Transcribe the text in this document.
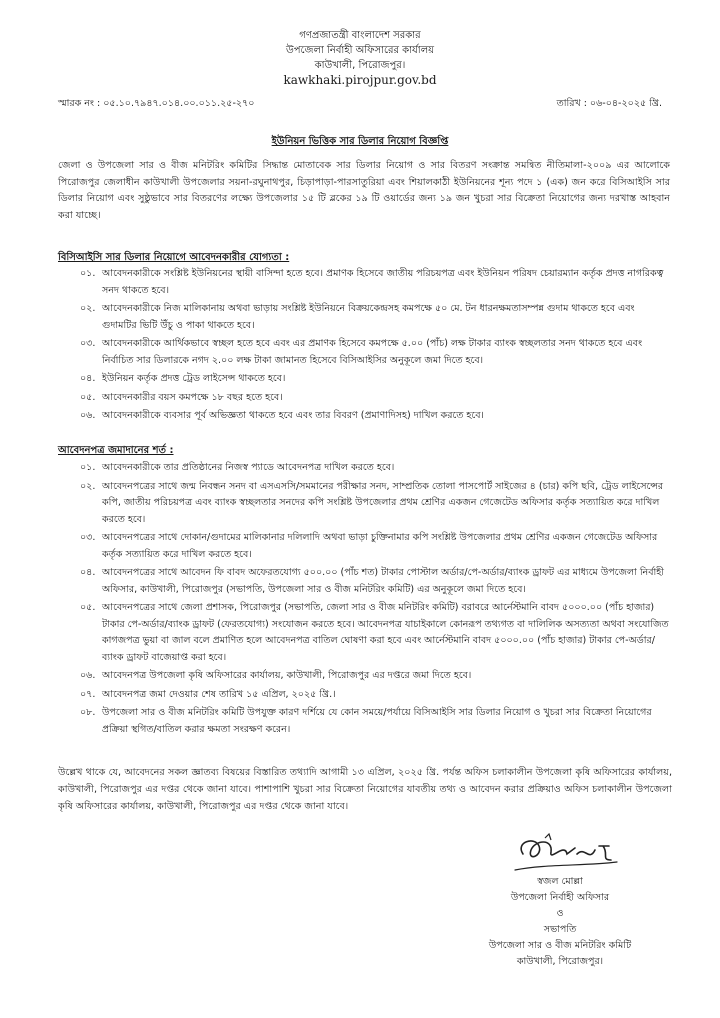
গণপ্রজাতন্ত্রী বাংলাদেশ সরকার
উপজেলা নির্বাহী অফিসারের কার্যালয়
কাউখালী, পিরোজপুর।
kawkhaki.pirojpur.gov.bd
স্মারক নং : ০৫.১০.৭৯৪৭.০১৪.০০.০১১.২৫-২৭০	তারিখ : ০৬-০৪-২০২৫ খ্রি.
ইউনিয়ন ভিত্তিক সার ডিলার নিয়োগ বিজ্ঞপ্তি
জেলা ও উপজেলা সার ও বীজ মনিটরিং কমিটির সিদ্ধান্ত মোতাবেক সার ডিলার নিয়োগ ও সার বিতরণ সংক্রান্ত সমন্বিত নীতিমালা-২০০৯ এর আলোকে পিরোজপুর জেলাধীন কাউখালী উপজেলার সয়না-রঘুনাথপুর, চিড়াপাড়া-পারসাতুরিয়া এবং শিয়ালকাঠী ইউনিয়নের শূন্য পদে ১ (এক) জন করে বিসিআইসি সার ডিলার নিয়োগ এবং সুষ্ঠুভাবে সার বিতরণের লক্ষ্যে উপজেলার ১৫ টি ব্লকের ১৯ টি ওয়ার্ডের জন্য ১৯ জন খুচরা সার বিক্রেতা নিয়োগের জন্য দরখাস্ত আহবান করা যাচ্ছে।
বিসিআইসি সার ডিলার নিয়োগে আবেদনকারীর যোগ্যতা :
০১. আবেদনকারীকে সংশ্লিষ্ট ইউনিয়নের স্থায়ী বাসিন্দা হতে হবে। প্রমাণক হিসেবে জাতীয় পরিচয়পত্র এবং ইউনিয়ন পরিষদ চেয়ারম্যান কর্তৃক প্রদত্ত নাগরিকত্ব সনদ থাকতে হবে।
০২. আবেদনকারীকে নিজ মালিকানায় অথবা ভাড়ায় সংশ্লিষ্ট ইউনিয়নে বিক্রয়কেন্দ্রসহ কমপক্ষে ৫০ মে. টন ধারনক্ষমতাসম্পন্ন গুদাম থাকতে হবে এবং গুদামটির ভিটি উঁচু ও পাকা থাকতে হবে।
০৩. আবেদনকারীকে আর্থিকভাবে স্বচ্ছল হতে হবে এবং এর প্রমাণক হিসেবে কমপক্ষে ৫.০০ (পাঁচ) লক্ষ টাকার ব্যাংক স্বচ্ছলতার সনদ থাকতে হবে এবং নির্বাচিত সার ডিলারকে নগদ ২.০০ লক্ষ টাকা জামানত হিসেবে বিসিআইসির অনুকূলে জমা দিতে হবে।
০৪. ইউনিয়ন কর্তৃক প্রদত্ত ট্রেড লাইসেন্স থাকতে হবে।
০৫. আবেদনকারীর বয়স কমপক্ষে ১৮ বছর হতে হবে।
০৬. আবেদনকারীকে ব্যবসার পূর্ব অভিজ্ঞতা থাকতে হবে এবং তার বিবরণ (প্রমাণাদিসহ) দাখিল করতে হবে।
আবেদনপত্র জমাদানের শর্ত :
০১. আবেদনকারীকে তার প্রতিষ্ঠানের নিজস্ব প্যাডে আবেদনপত্র দাখিল করতে হবে।
০২. আবেদনপত্রের সাথে জন্ম নিবন্ধন সনদ বা এসএসসি/সমমানের পরীক্ষার সনদ, সাম্প্রতিক তোলা পাসপোর্ট সাইজের ৪ (চার) কপি ছবি, ট্রেড লাইসেন্সের কপি, জাতীয় পরিচয়পত্র এবং ব্যাংক স্বচ্ছলতার সনদের কপি সংশ্লিষ্ট উপজেলার প্রথম শ্রেণির একজন গেজেটেড অফিসার কর্তৃক সত্যায়িত করে দাখিল করতে হবে।
০৩. আবেদনপত্রের সাথে দোকান/গুদামের মালিকানার দলিলাদি অথবা ভাড়া চুক্তিনামার কপি সংশ্লিষ্ট উপজেলার প্রথম শ্রেণির একজন গেজেটেড অফিসার কর্তৃক সত্যায়িত করে দাখিল করতে হবে।
০৪. আবেদনপত্রের সাথে আবেদন ফি বাবদ অফেরতযোগ্য ৫০০.০০ (পাঁচ শত) টাকার পোস্টাল অর্ডার/পে-অর্ডার/ব্যাংক ড্রাফট এর মাধ্যমে উপজেলা নির্বাহী অফিসার, কাউখালী, পিরোজপুর (সভাপতি, উপজেলা সার ও বীজ মনিটরিং কমিটি) এর অনুকূলে জমা দিতে হবে।
০৫. আবেদনপত্রের সাথে জেলা প্রশাসক, পিরোজপুর (সভাপতি, জেলা সার ও বীজ মনিটরিং কমিটি) বরাবরে আর্নেস্টমানি বাবদ ৫০০০.০০ (পাঁচ হাজার) টাকার পে-অর্ডার/ব্যাংক ড্রাফট (ফেরতযোগ্য) সংযোজন করতে হবে। আবেদনপত্র যাচাইকালে কোনরূপ তথ্যগত বা দালিলিক অসত্যতা অথবা সংযোজিত কাগজপত্র ভুয়া বা জাল বলে প্রমাণিত হলে আবেদনপত্র বাতিল ঘোষণা করা হবে এবং আর্নেস্টমানি বাবদ ৫০০০.০০ (পাঁচ হাজার) টাকার পে-অর্ডার/ব্যাংক ড্রাফট বাজেয়াপ্ত করা হবে।
০৬. আবেদনপত্র উপজেলা কৃষি অফিসারের কার্যালয়, কাউখালী, পিরোজপুর এর দপ্তরে জমা দিতে হবে।
০৭. আবেদনপত্র জমা দেওয়ার শেষ তারিখ ১৫ এপ্রিল, ২০২৫ খ্রি.।
০৮. উপজেলা সার ও বীজ মনিটরিং কমিটি উপযুক্ত কারণ দর্শিয়ে যে কোন সময়ে/পর্যায়ে বিসিআইসি সার ডিলার নিয়োগ ও খুচরা সার বিক্রেতা নিয়োগের প্রক্রিয়া স্থগিত/বাতিল করার ক্ষমতা সংরক্ষণ করেন।
উল্লেখ থাকে যে, আবেদনের সকল জ্ঞাতব্য বিষয়ের বিস্তারিত তথ্যাদি আগামী ১৩ এপ্রিল, ২০২৫ খ্রি. পর্যন্ত অফিস চলাকালীন উপজেলা কৃষি অফিসারের কার্যালয়, কাউখালী, পিরোজপুর এর দপ্তর থেকে জানা যাবে। পাশাপাশি খুচরা সার বিক্রেতা নিয়োগের যাবতীয় তথ্য ও আবেদন করার প্রক্রিয়াও অফিস চলাকালীন উপজেলা কৃষি অফিসারের কার্যালয়, কাউখালী, পিরোজপুর এর দপ্তর থেকে জানা যাবে।
স্বজল মোল্লা
উপজেলা নির্বাহী অফিসার
ও
সভাপতি
উপজেলা সার ও বীজ মনিটরিং কমিটি
কাউখালী, পিরোজপুর।
